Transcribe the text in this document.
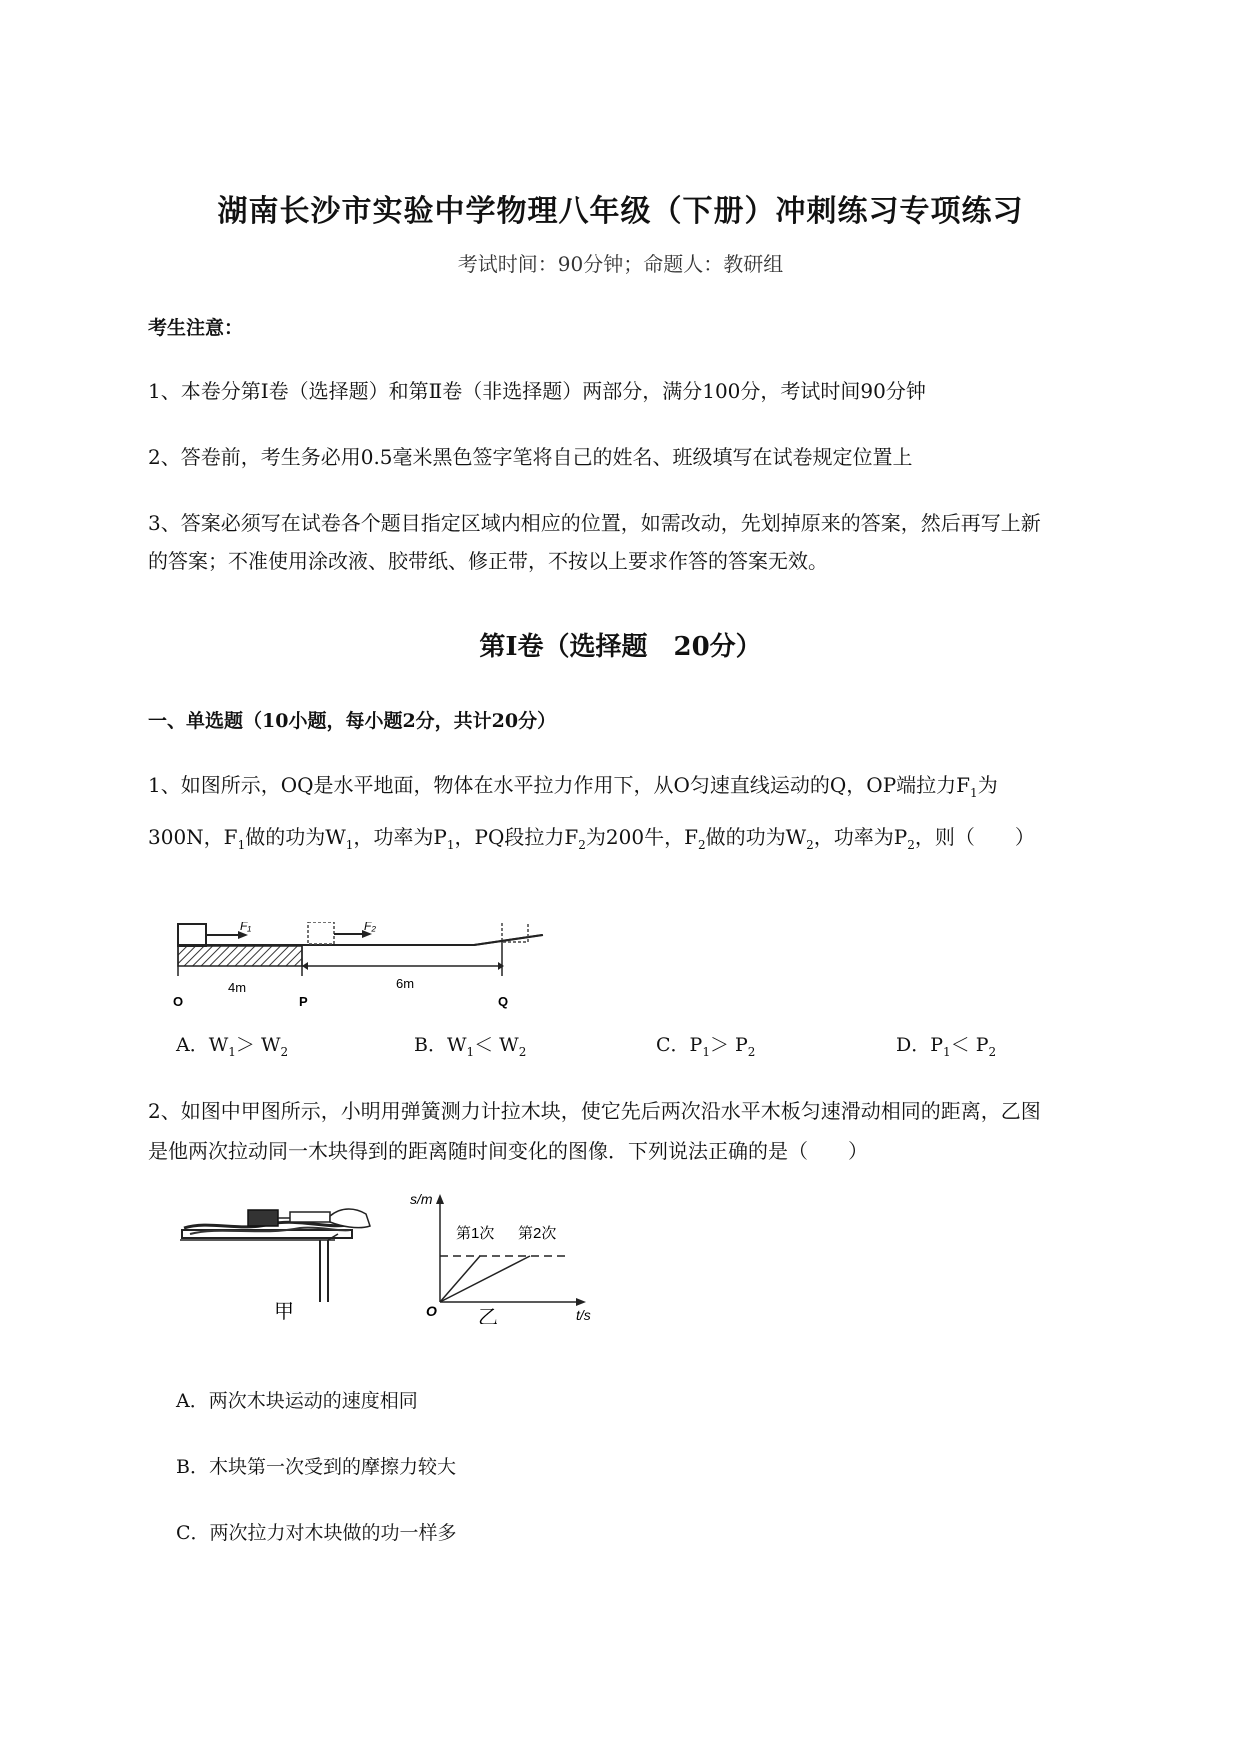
湖南长沙市实验中学物理八年级（下册）冲刺练习专项练习
考试时间：90分钟；命题人：教研组
考生注意：
1、本卷分第I卷（选择题）和第Ⅱ卷（非选择题）两部分，满分100分，考试时间90分钟
2、答卷前，考生务必用0.5毫米黑色签字笔将自己的姓名、班级填写在试卷规定位置上
3、答案必须写在试卷各个题目指定区域内相应的位置，如需改动，先划掉原来的答案，然后再写上新
的答案；不准使用涂改液、胶带纸、修正带，不按以上要求作答的答案无效。
第I卷（选择题　20分）
一、单选题（10小题，每小题2分，共计20分）
1、如图所示，OQ是水平地面，物体在水平拉力作用下，从O匀速直线运动的Q，OP端拉力$F_1$为
300N，$F_1$做的功为$W_1$，功率为$P_1$，PQ段拉力$F_2$为200牛，$F_2$做的功为$W_2$，功率为$P_2$，则（　　）
F₁	F₂
4m	6m
O	P	Q
A．$W_1> W_2$	B．$W_1< W_2$	C．$P_1> P_2$	D．$P_1< P_2$
2、如图中甲图所示，小明用弹簧测力计拉木块，使它先后两次沿水平木板匀速滑动相同的距离，乙图
是他两次拉动同一木块得到的距离随时间变化的图像．下列说法正确的是（　　）
甲
s/m
t/s
O
第1次 第2次
乙
A．两次木块运动的速度相同
B．木块第一次受到的摩擦力较大
C．两次拉力对木块做的功一样多
